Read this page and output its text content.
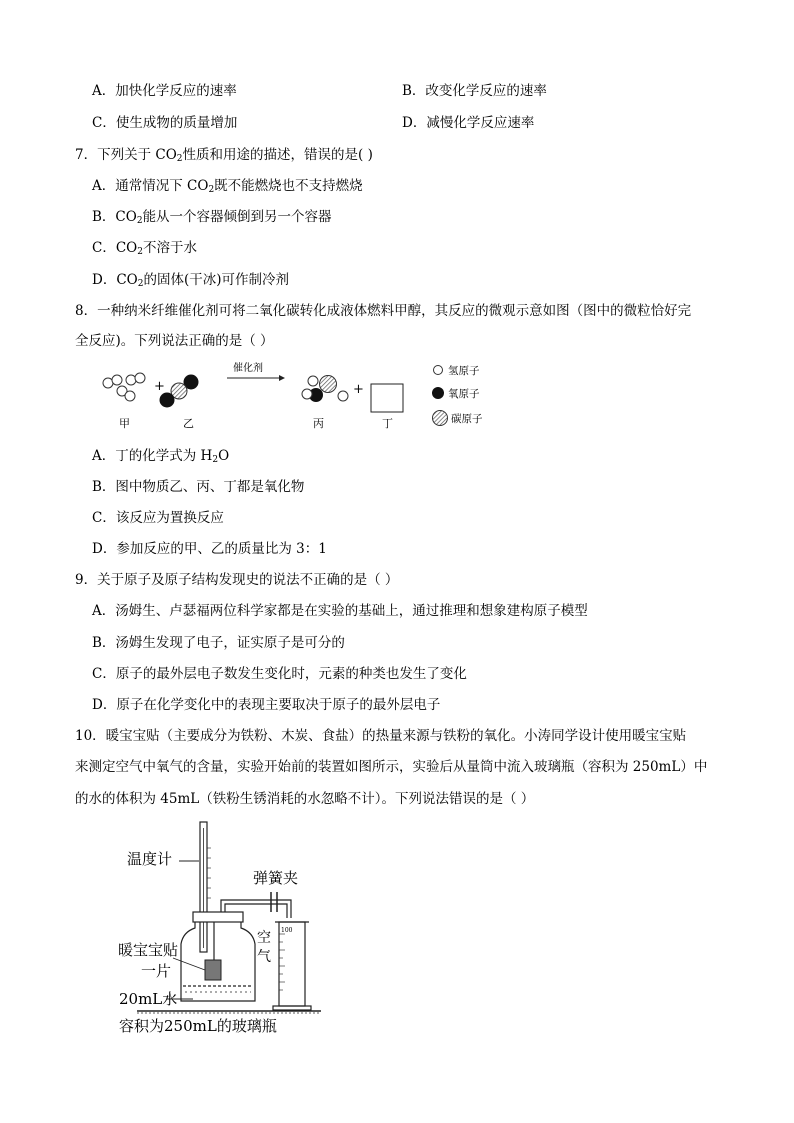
A．加快化学反应的速率	B．改变化学反应的速率
C．使生成物的质量增加	D．减慢化学反应速率
7．下列关于 $CO_2$性质和用途的描述，错误的是( )
A．通常情况下 $CO_2$既不能燃烧也不支持燃烧
B．$CO_2$能从一个容器倾倒到另一个容器
C．$CO_2$不溶于水
D．$CO_2$的固体(干冰)可作制冷剂
8．一种纳米纤维催化剂可将二氧化碳转化成液体燃料甲醇，其反应的微观示意如图（图中的微粒恰好完
全反应)。下列说法正确的是（ ）
+
催化剂
+
甲	乙	丙	丁
氢原子
氧原子
碳原子
A．丁的化学式为 $H_2O$
B．图中物质乙、丙、丁都是氧化物
C．该反应为置换反应
D．参加反应的甲、乙的质量比为 3：1
9．关于原子及原子结构发现史的说法不正确的是（ ）
A．汤姆生、卢瑟福两位科学家都是在实验的基础上，通过推理和想象建构原子模型
B．汤姆生发现了电子，证实原子是可分的
C．原子的最外层电子数发生变化时，元素的种类也发生了变化
D．原子在化学变化中的表现主要取决于原子的最外层电子
10．暖宝宝贴（主要成分为铁粉、木炭、食盐）的热量来源与铁粉的氧化。小涛同学设计使用暖宝宝贴
来测定空气中氧气的含量，实验开始前的装置如图所示，实验后从量筒中流入玻璃瓶（容积为 250mL）中
的水的体积为 45mL（铁粉生锈消耗的水忽略不计）。下列说法错误的是（ ）
温度计
弹簧夹
空
气
暖宝宝贴
一片
20mL水
容积为250mL的玻璃瓶
100
